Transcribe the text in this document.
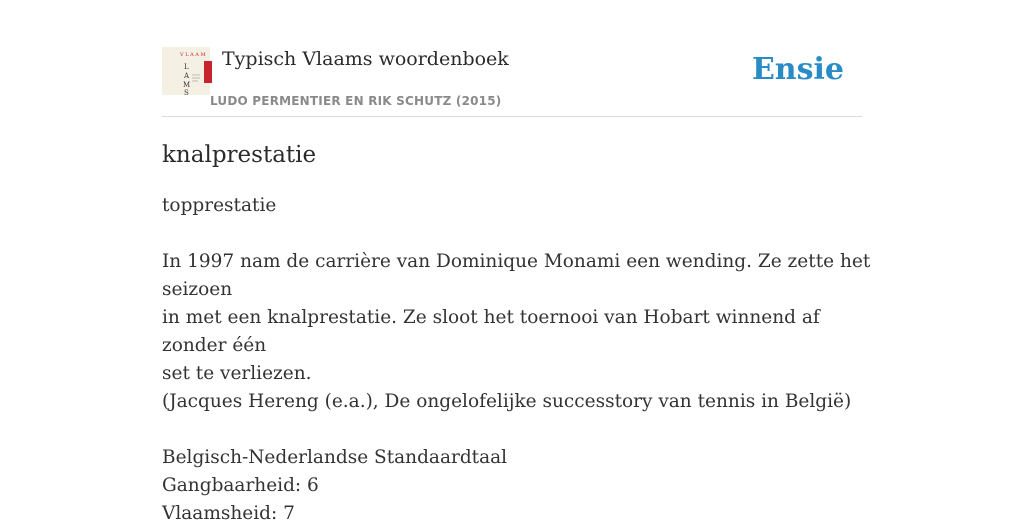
V L A A M
L
A
M
S
Typisch Vlaams woordenboek
LUDO PERMENTIER EN RIK SCHUTZ (2015)
Ensie
knalprestatie

topprestatie

In 1997 nam de carrière van Dominique Monami een wending. Ze zette het seizoen

in met een knalprestatie. Ze sloot het toernooi van Hobart winnend af zonder één

set te verliezen.

(Jacques Hereng (e.a.), De ongelofelijke successtory van tennis in België)

Belgisch-Nederlandse Standaardtaal

Gangbaarheid: 6

Vlaamsheid: 7
